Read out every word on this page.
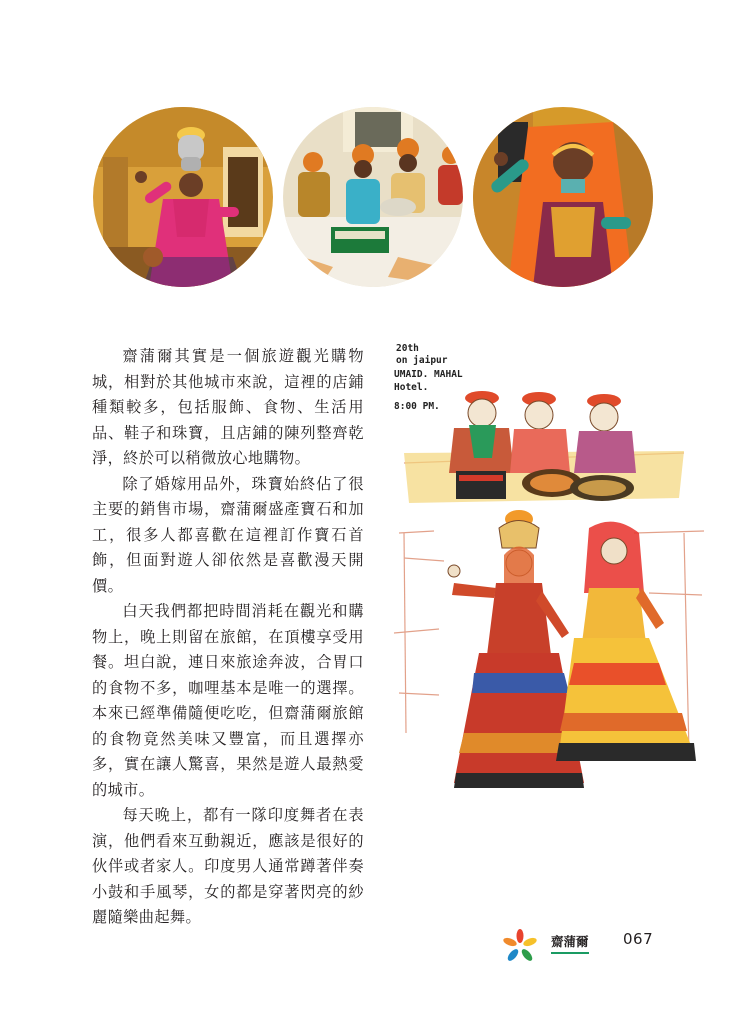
齋蒲爾其實是一個旅遊觀光購物城，相對於其他城市來說，這裡的店鋪種類較多，包括服飾、食物、生活用品、鞋子和珠寶，且店鋪的陳列整齊乾淨，終於可以稍微放心地購物。

除了婚嫁用品外，珠寶始終佔了很主要的銷售市場，齋蒲爾盛產寶石和加工，很多人都喜歡在這裡訂作寶石首飾，但面對遊人卻依然是喜歡漫天開價。

白天我們都把時間消耗在觀光和購物上，晚上則留在旅館，在頂樓享受用餐。坦白說，連日來旅途奔波，合胃口的食物不多，咖哩基本是唯一的選擇。本來已經準備隨便吃吃，但齋蒲爾旅館的食物竟然美味又豐富，而且選擇亦多，實在讓人驚喜，果然是遊人最熱愛的城市。

每天晚上，都有一隊印度舞者在表演，他們看來互動親近，應該是很好的伙伴或者家人。印度男人通常蹲著伴奏小鼓和手風琴，女的都是穿著閃亮的紗麗隨樂曲起舞。

20th
on jaipur
UMAID. MAHAL
Hotel.
8:00 PM.
齋蒲爾 067
